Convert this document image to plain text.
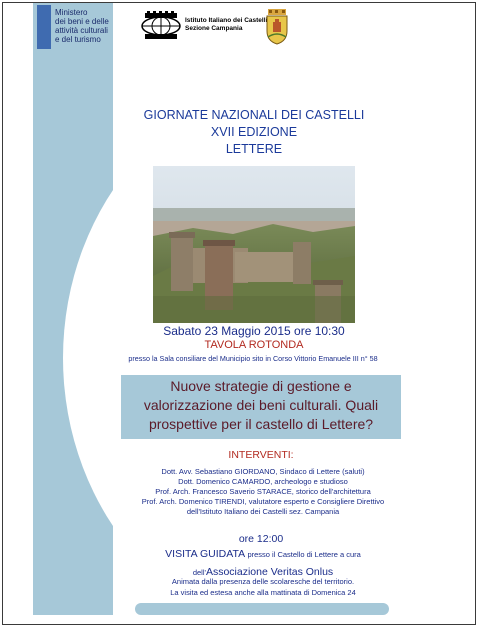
MiBACT	Ministero
dei beni e delle
attività culturali
e del turismo
Istituto Italiano dei Castelli
Sezione Campania
GIORNATE NAZIONALI DEI CASTELLI
XVII EDIZIONE
LETTERE
Sabato 23 Maggio 2015 ore 10:30
TAVOLA ROTONDA
presso la Sala consiliare del Municipio sito in Corso Vittorio Emanuele III n° 58
Nuove strategie di gestione e
valorizzazione dei beni culturali. Quali
prospettive per il castello di Lettere?
INTERVENTI:
Dott. Avv. Sebastiano GIORDANO, Sindaco di Lettere (saluti)
Dott. Domenico CAMARDO, archeologo e studioso
Prof. Arch. Francesco Saverio STARACE, storico dell'architettura
Prof. Arch. Domenico TIRENDI, valutatore esperto e Consigliere Direttivo
dell'Istituto Italiano dei Castelli sez. Campania
ore 12:00
VISITA GUIDATA presso il Castello di Lettere a cura
dell'Associazione Veritas Onlus
Animata dalla presenza delle scolaresche del territorio.
La visita ed estesa anche alla mattinata di Domenica 24
